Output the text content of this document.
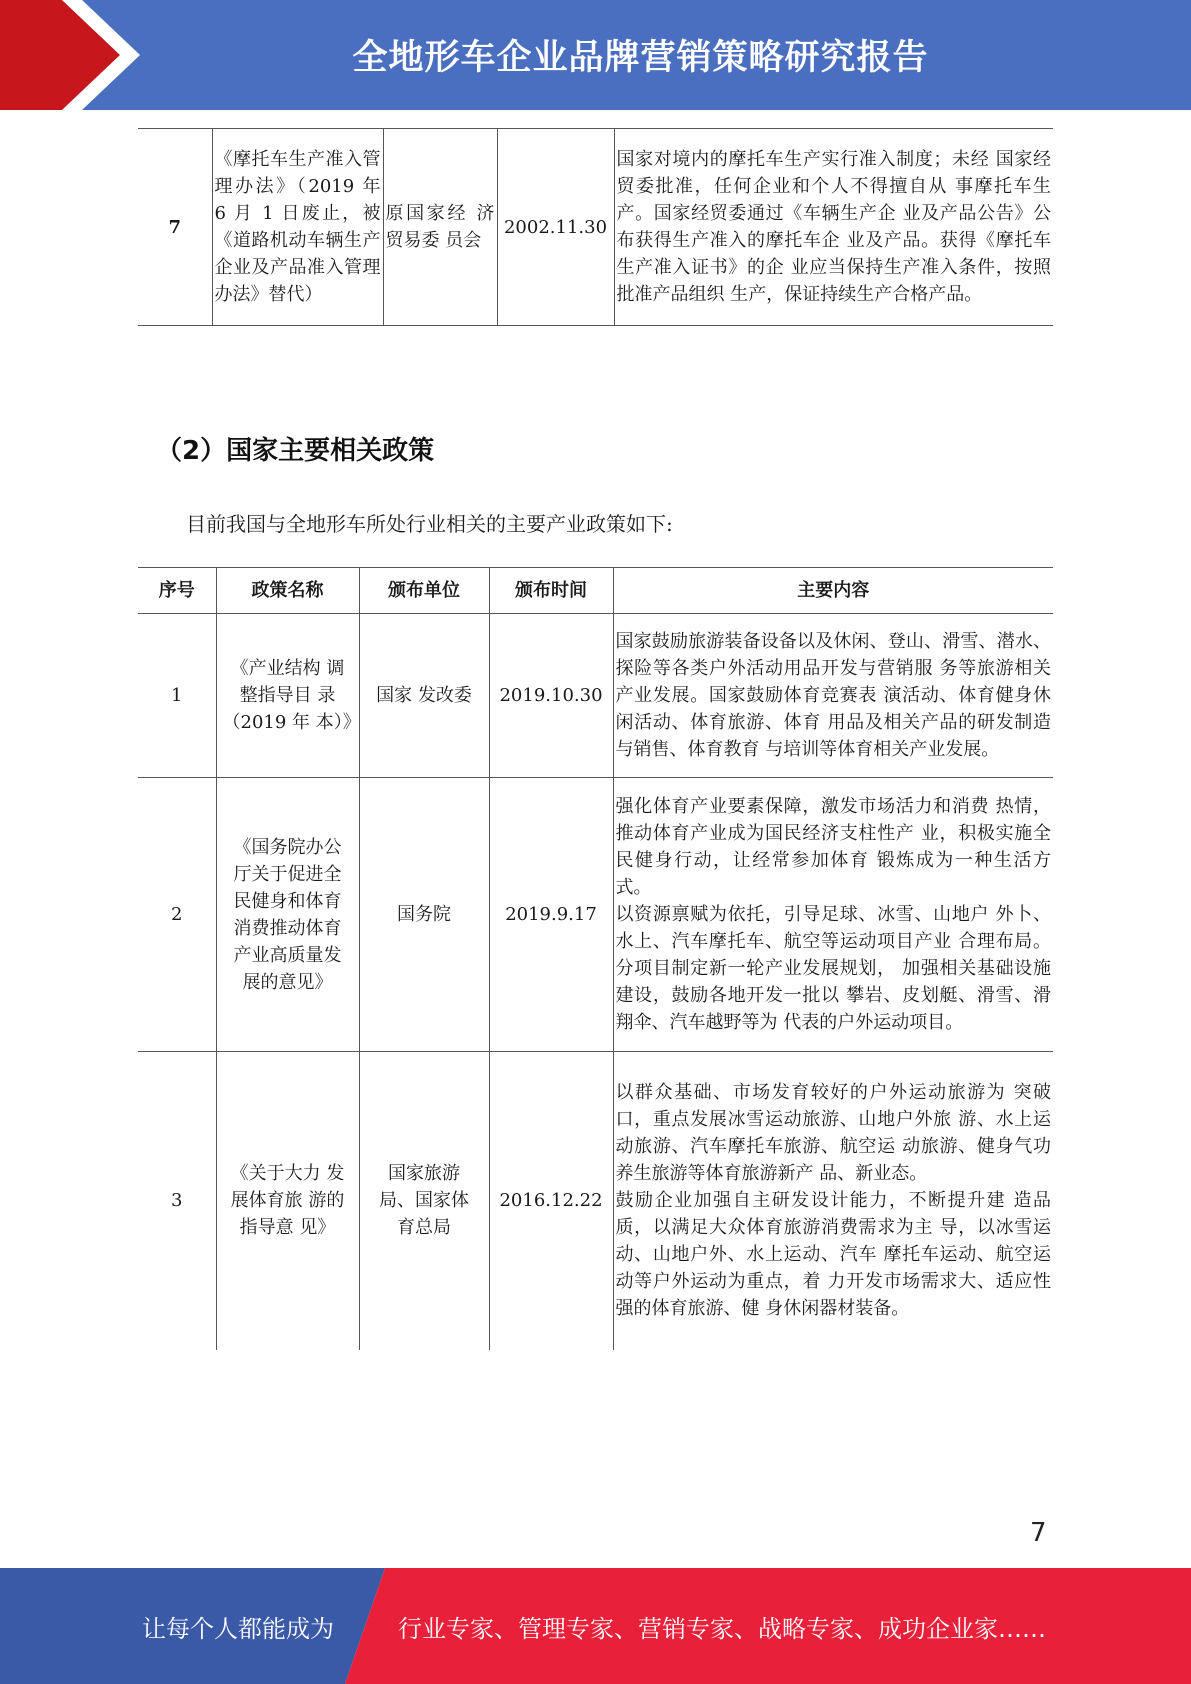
全地形车企业品牌营销策略研究报告
7	《摩托车生产准入管理办法》（2019 年 6 月 1 日废止，被《道路机动车辆生产企业及产品准入管理办法》替代）	原国家经 济贸易委 员会	2002.11.30	国家对境内的摩托车生产实行准入制度；未经 国家经贸委批准，任何企业和个人不得擅自从 事摩托车生产。国家经贸委通过《车辆生产企 业及产品公告》公布获得生产准入的摩托车企 业及产品。获得《摩托车生产准入证书》的企 业应当保持生产准入条件，按照批准产品组织 生产，保证持续生产合格产品。
（2）国家主要相关政策
目前我国与全地形车所处行业相关的主要产业政策如下:
序号	政策名称	颁布单位	颁布时间	主要内容
1	《产业结构 调整指导目 录（2019 年 本）》	国家 发改委	2019.10.30	国家鼓励旅游装备设备以及休闲、登山、滑雪、潜水、探险等各类户外活动用品开发与营销服 务等旅游相关产业发展。国家鼓励体育竞赛表 演活动、体育健身休闲活动、体育旅游、体育 用品及相关产品的研发制造与销售、体育教育 与培训等体育相关产业发展。
2	《国务院办公厅关于促进全民健身和体育消费推动体育产业高质量发展的意见》	国务院	2019.9.17	强化体育产业要素保障，激发市场活力和消费 热情，推动体育产业成为国民经济支柱性产 业，积极实施全民健身行动，让经常参加体育 锻炼成为一种生活方式。
以资源禀赋为依托，引导足球、冰雪、山地户 外卜、水上、汽车摩托车、航空等运动项目产业 合理布局。分项目制定新一轮产业发展规划， 加强相关基础设施建设，鼓励各地开发一批以 攀岩、皮划艇、滑雪、滑翔伞、汽车越野等为 代表的户外运动项目。

3	《关于大力 发展体育旅 游的指导意 见》	国家旅游局、国家体育总局	2016.12.22	以群众基础、市场发育较好的户外运动旅游为 突破口，重点发展冰雪运动旅游、山地户外旅 游、水上运动旅游、汽车摩托车旅游、航空运 动旅游、健身气功养生旅游等体育旅游新产 品、新业态。
鼓励企业加强自主研发设计能力，不断提升建 造品质，以满足大众体育旅游消费需求为主 导，以冰雪运动、山地户外、水上运动、汽车 摩托车运动、航空运动等户外运动为重点，着 力开发市场需求大、适应性强的体育旅游、健 身休闲器材装备。
7
让每个人都能成为	行业专家、管理专家、营销专家、战略专家、成功企业家……
